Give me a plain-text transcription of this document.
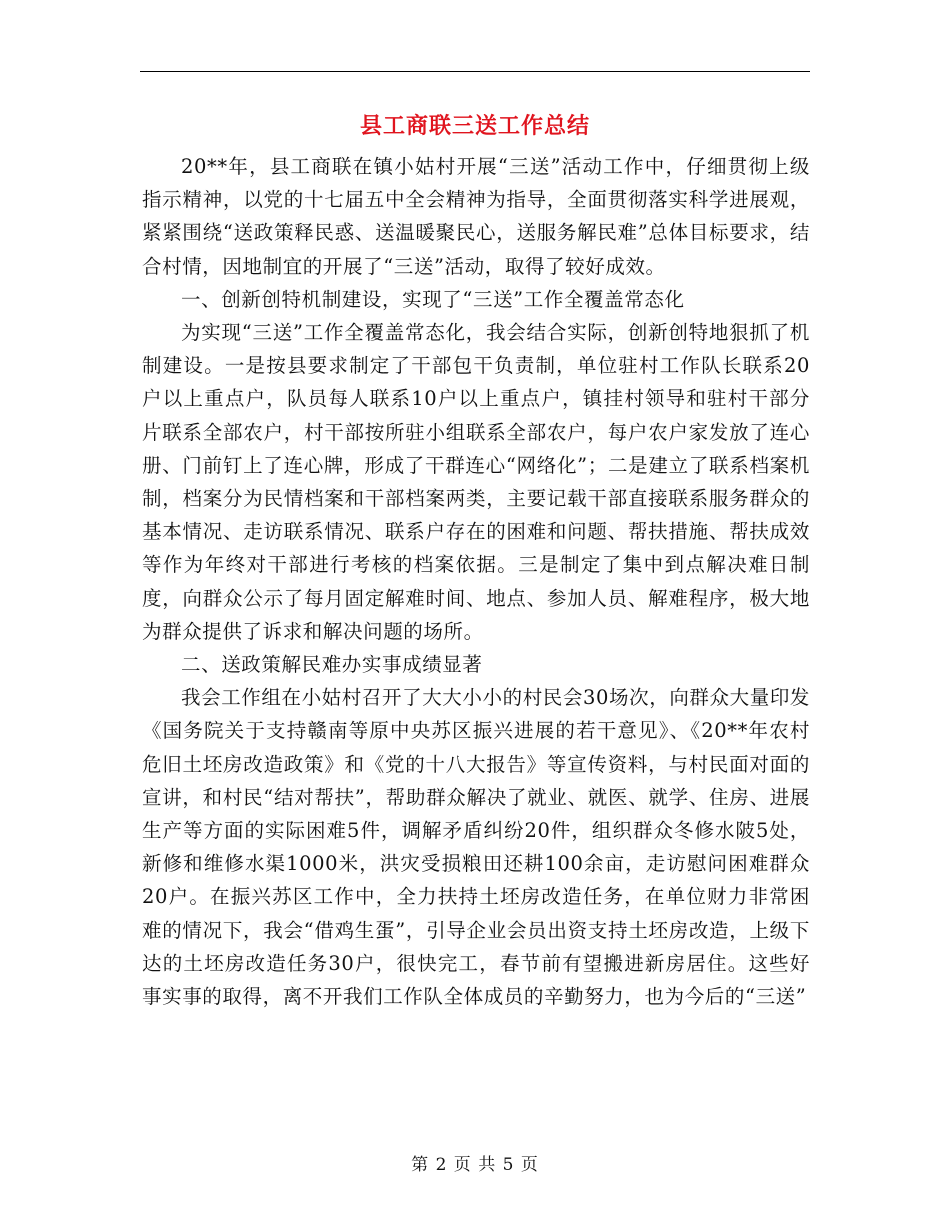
县工商联三送工作总结

20**年，县工商联在镇小姑村开展“三送”活动工作中，仔细贯彻上级指示精神，以党的十七届五中全会精神为指导，全面贯彻落实科学进展观，紧紧围绕“送政策释民惑、送温暖聚民心，送服务解民难”总体目标要求，结合村情，因地制宜的开展了“三送”活动，取得了较好成效。

一、创新创特机制建设，实现了“三送”工作全覆盖常态化

为实现“三送”工作全覆盖常态化，我会结合实际，创新创特地狠抓了机制建设。一是按县要求制定了干部包干负责制，单位驻村工作队长联系20户以上重点户，队员每人联系10户以上重点户，镇挂村领导和驻村干部分片联系全部农户，村干部按所驻小组联系全部农户，每户农户家发放了连心册、门前钉上了连心牌，形成了干群连心“网络化”；二是建立了联系档案机制，档案分为民情档案和干部档案两类，主要记载干部直接联系服务群众的基本情况、走访联系情况、联系户存在的困难和问题、帮扶措施、帮扶成效等作为年终对干部进行考核的档案依据。三是制定了集中到点解决难日制度，向群众公示了每月固定解难时间、地点、参加人员、解难程序，极大地为群众提供了诉求和解决问题的场所。

二、送政策解民难办实事成绩显著

我会工作组在小姑村召开了大大小小的村民会30场次，向群众大量印发《国务院关于支持赣南等原中央苏区振兴进展的若干意见》、《20**年农村危旧土坯房改造政策》和《党的十八大报告》等宣传资料，与村民面对面的宣讲，和村民“结对帮扶”，帮助群众解决了就业、就医、就学、住房、进展生产等方面的实际困难5件，调解矛盾纠纷20件，组织群众冬修水陂5处，新修和维修水渠1000米，洪灾受损粮田还耕100余亩，走访慰问困难群众20户。在振兴苏区工作中，全力扶持土坯房改造任务，在单位财力非常困难的情况下，我会“借鸡生蛋”，引导企业会员出资支持土坯房改造，上级下达的土坯房改造任务30户，很快完工，春节前有望搬进新房居住。这些好事实事的取得，离不开我们工作队全体成员的辛勤努力，也为今后的“三送”

第 2 页 共 5 页
